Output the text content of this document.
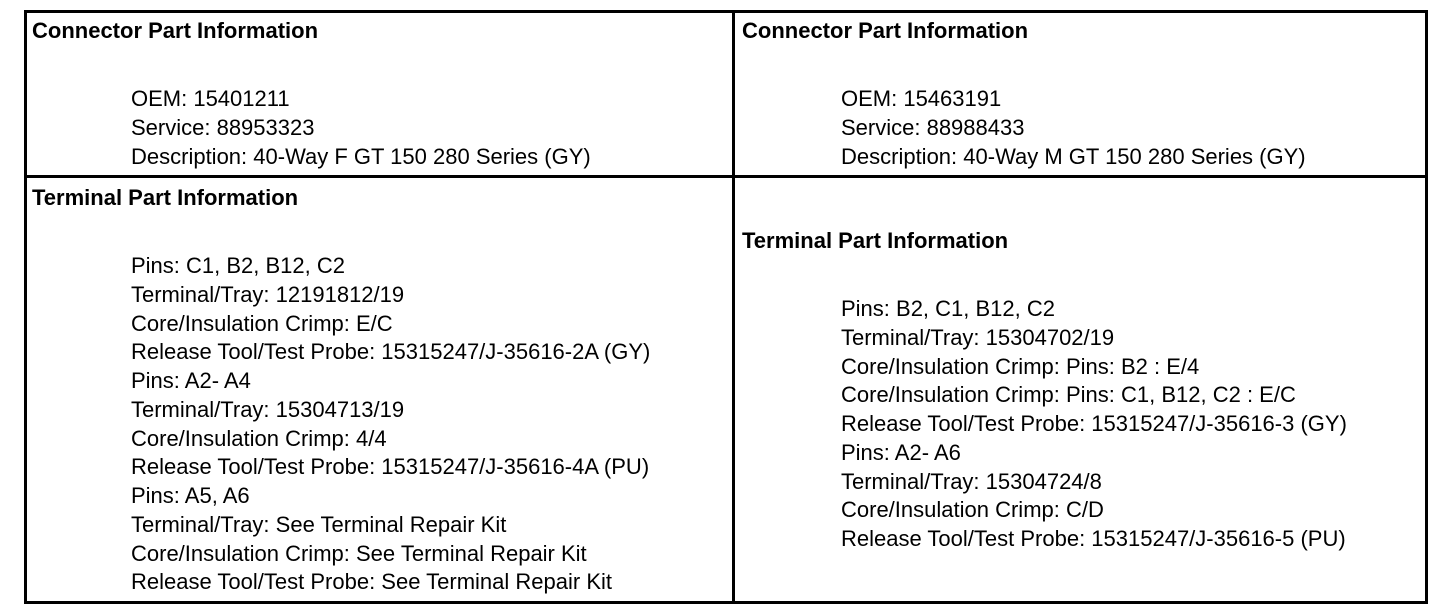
Connector Part Information
OEM: 15401211
Service: 88953323
Description: 40-Way F GT 150 280 Series (GY)
Connector Part Information
OEM: 15463191
Service: 88988433
Description: 40-Way M GT 150 280 Series (GY)
Terminal Part Information
Pins: C1, B2, B12, C2
Terminal/Tray: 12191812/19
Core/Insulation Crimp: E/C
Release Tool/Test Probe: 15315247/J-35616-2A (GY)
Pins: A2- A4
Terminal/Tray: 15304713/19
Core/Insulation Crimp: 4/4
Release Tool/Test Probe: 15315247/J-35616-4A (PU)
Pins: A5, A6
Terminal/Tray: See Terminal Repair Kit
Core/Insulation Crimp: See Terminal Repair Kit
Release Tool/Test Probe: See Terminal Repair Kit
Terminal Part Information
Pins: B2, C1, B12, C2
Terminal/Tray: 15304702/19
Core/Insulation Crimp: Pins: B2 : E/4
Core/Insulation Crimp: Pins: C1, B12, C2 : E/C
Release Tool/Test Probe: 15315247/J-35616-3 (GY)
Pins: A2- A6
Terminal/Tray: 15304724/8
Core/Insulation Crimp: C/D
Release Tool/Test Probe: 15315247/J-35616-5 (PU)
